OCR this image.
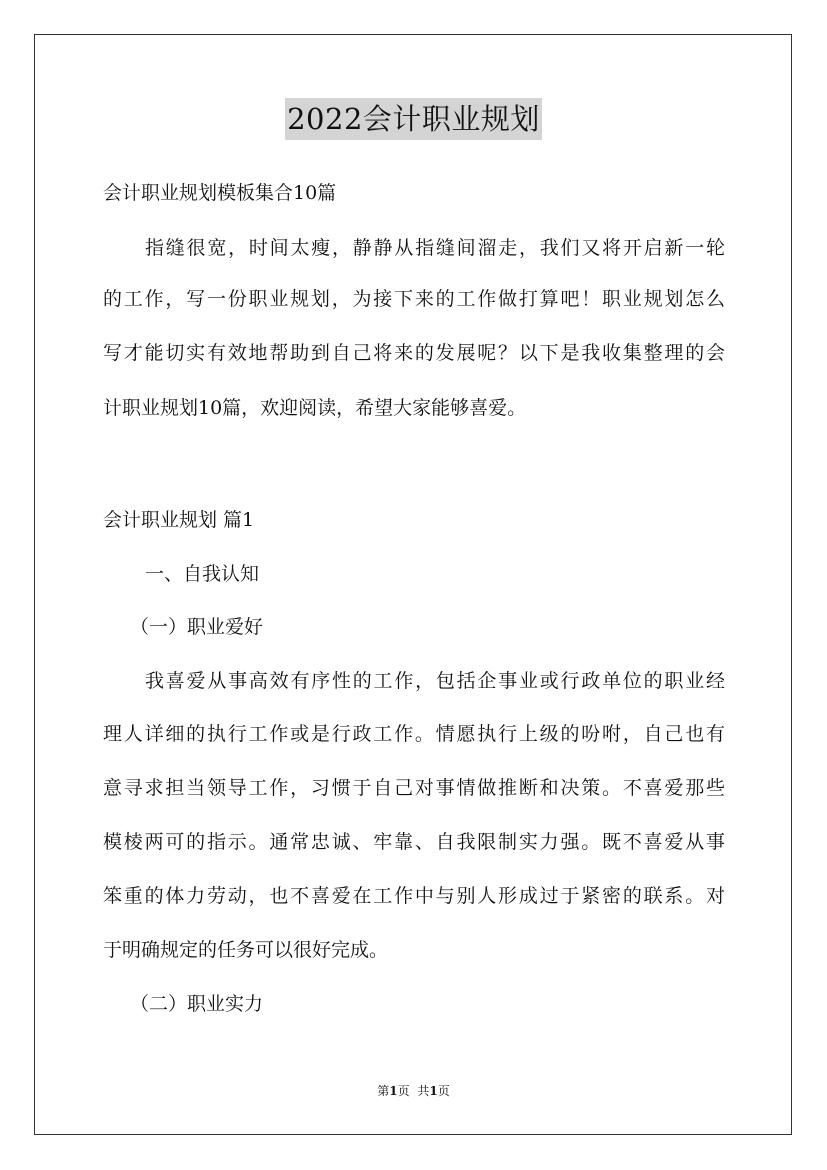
2022会计职业规划
会计职业规划模板集合10篇
指缝很宽，时间太瘦，静静从指缝间溜走，我们又将开启新一轮
的工作，写一份职业规划，为接下来的工作做打算吧！职业规划怎么
写才能切实有效地帮助到自己将来的发展呢？以下是我收集整理的会
计职业规划10篇，欢迎阅读，希望大家能够喜爱。
会计职业规划 篇1
一、自我认知
（一）职业爱好
我喜爱从事高效有序性的工作，包括企事业或行政单位的职业经
理人详细的执行工作或是行政工作。情愿执行上级的吩咐，自己也有
意寻求担当领导工作，习惯于自己对事情做推断和决策。不喜爱那些
模棱两可的指示。通常忠诚、牢靠、自我限制实力强。既不喜爱从事
笨重的体力劳动，也不喜爱在工作中与别人形成过于紧密的联系。对
于明确规定的任务可以很好完成。
（二）职业实力
第1页 共1页
